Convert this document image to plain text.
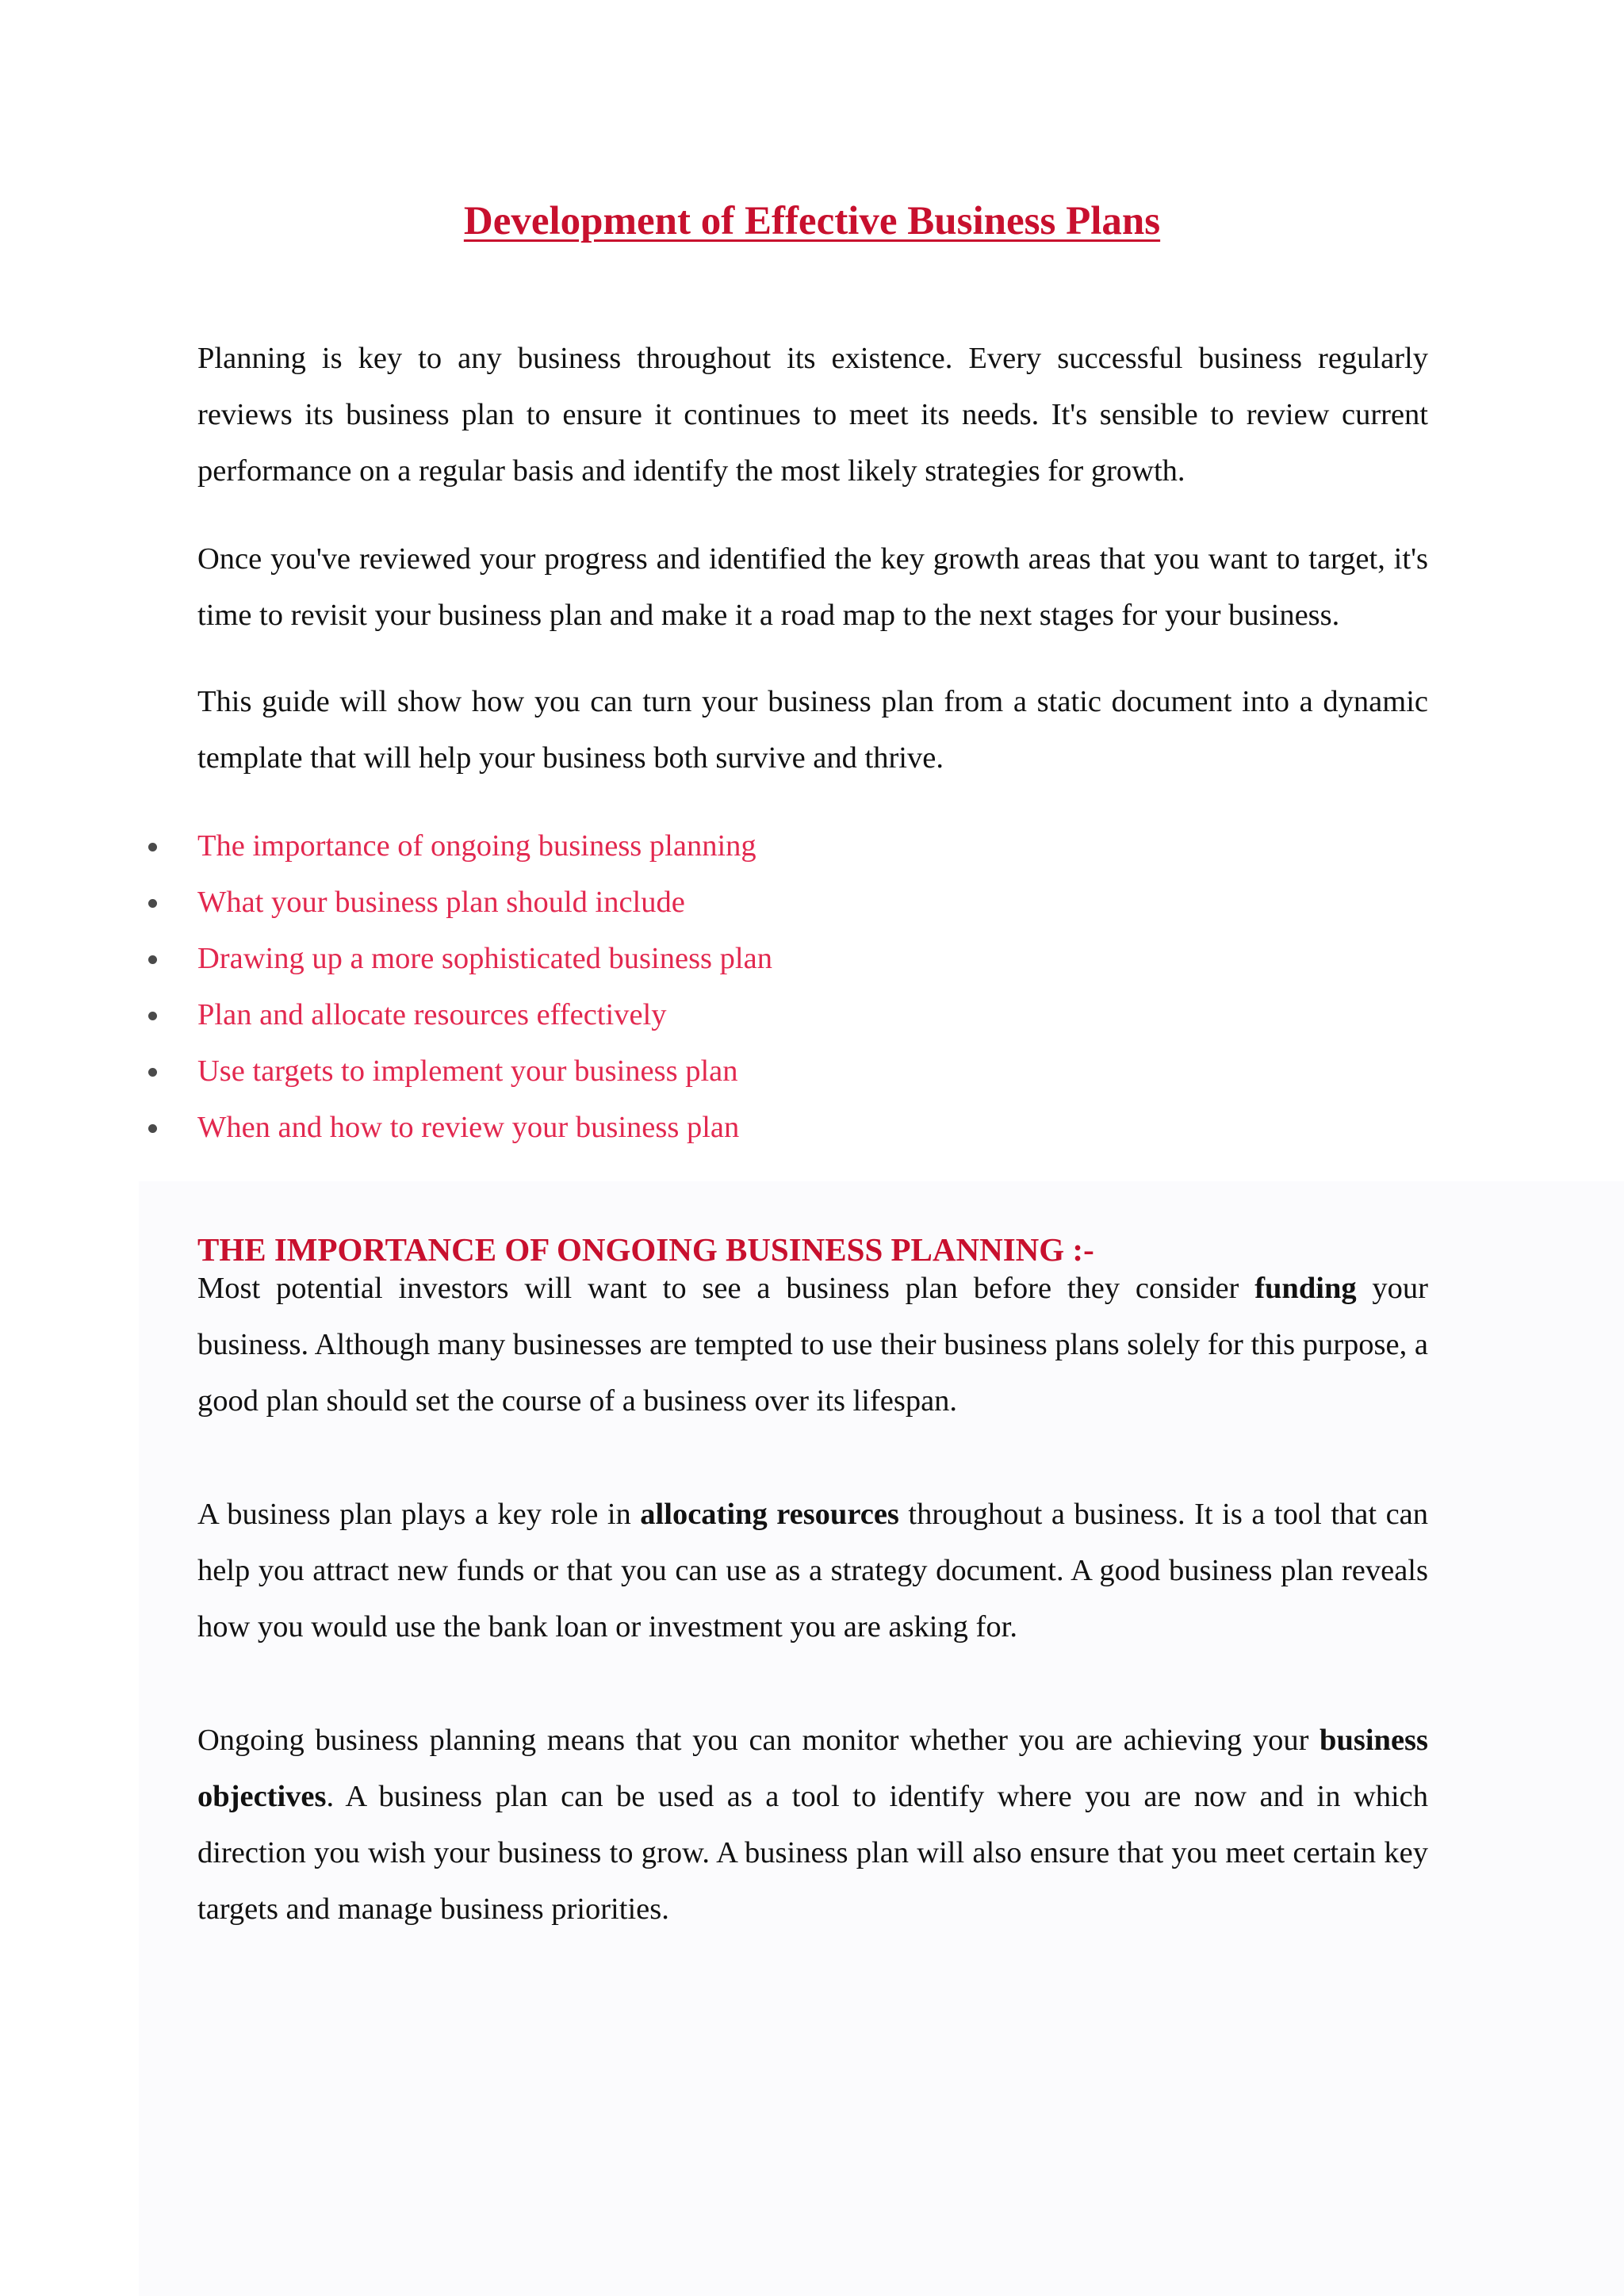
Development of Effective Business Plans

Planning is key to any business throughout its existence. Every successful business regularly reviews its business plan to ensure it continues to meet its needs. It's sensible to review current performance on a regular basis and identify the most likely strategies for growth.

Once you've reviewed your progress and identified the key growth areas that you want to target, it's time to revisit your business plan and make it a road map to the next stages for your business.

This guide will show how you can turn your business plan from a static document into a dynamic template that will help your business both survive and thrive.

The importance of ongoing business planning
What your business plan should include
Drawing up a more sophisticated business plan
Plan and allocate resources effectively
Use targets to implement your business plan
When and how to review your business plan
THE IMPORTANCE OF ONGOING BUSINESS PLANNING :-

Most potential investors will want to see a business plan before they consider funding your business. Although many businesses are tempted to use their business plans solely for this purpose, a good plan should set the course of a business over its lifespan.

A business plan plays a key role in allocating resources throughout a business. It is a tool that can help you attract new funds or that you can use as a strategy document. A good business plan reveals how you would use the bank loan or investment you are asking for.

Ongoing business planning means that you can monitor whether you are achieving your business objectives. A business plan can be used as a tool to identify where you are now and in which direction you wish your business to grow. A business plan will also ensure that you meet certain key targets and manage business priorities.
